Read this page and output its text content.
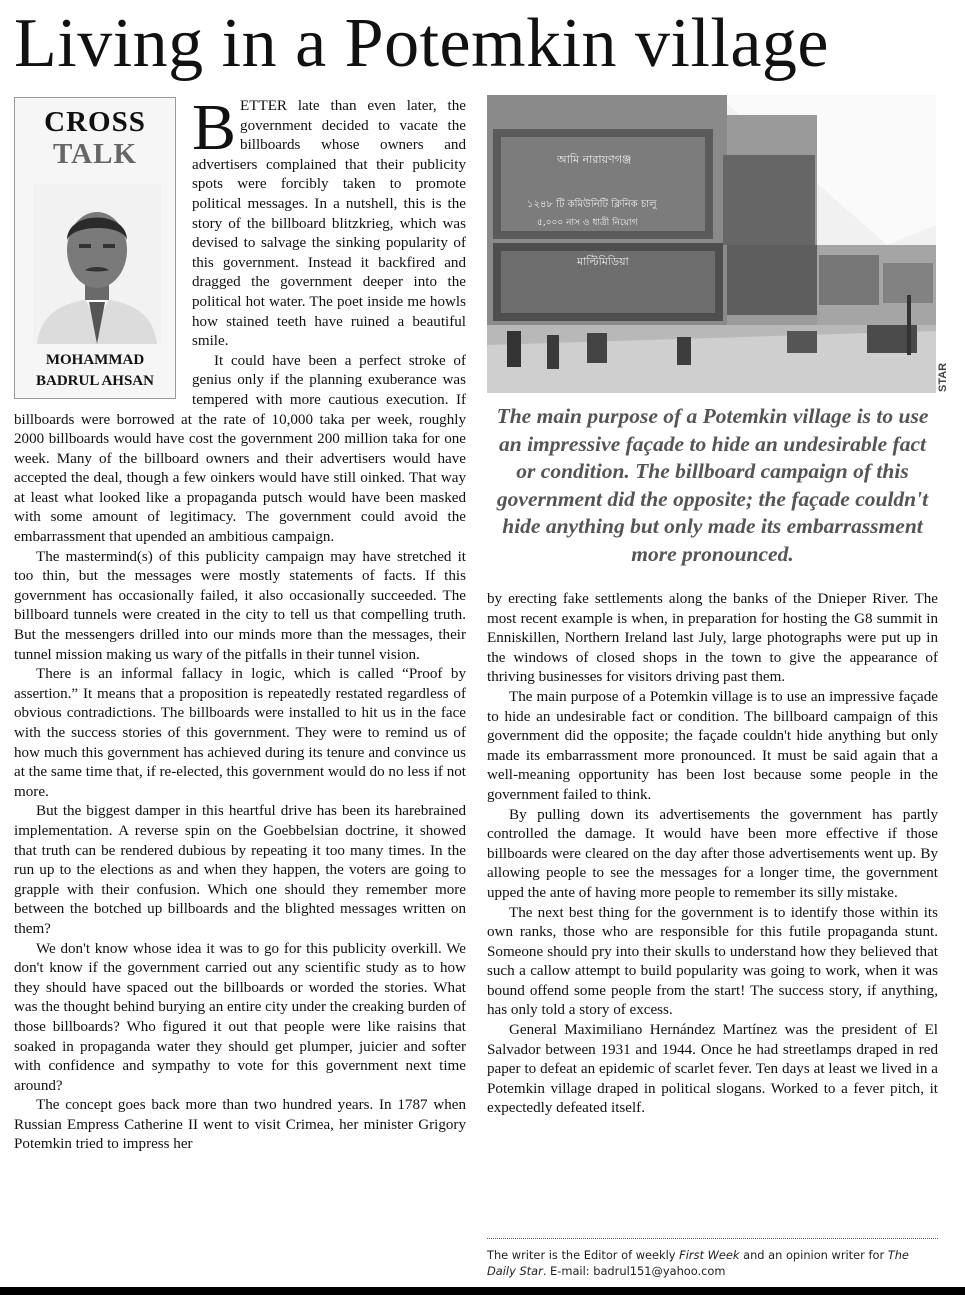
Living in a Potemkin village
CROSS
TALK
MOHAMMAD
BADRUL AHSAN

BETTER late than even later, the government decided to vacate the billboards whose owners and advertisers complained that their publicity spots were forcibly taken to promote political messages. In a nutshell, this is the story of the billboard blitzkrieg, which was devised to salvage the sinking popularity of this government. Instead it backfired and dragged the government deeper into the political hot water. The poet inside me howls how stained teeth have ruined a beautiful smile.

It could have been a perfect stroke of genius only if the planning exuberance was tempered with more cautious execution. If billboards were borrowed at the rate of 10,000 taka per week, roughly 2000 billboards would have cost the government 200 million taka for one week. Many of the billboard owners and their advertisers would have accepted the deal, though a few oinkers would have still oinked. That way at least what looked like a propaganda putsch would have been masked with some amount of legitimacy. The government could avoid the embarrassment that upended an ambitious campaign.

The mastermind(s) of this publicity campaign may have stretched it too thin, but the messages were mostly statements of facts. If this government has occasionally failed, it also occasionally succeeded. The billboard tunnels were created in the city to tell us that compelling truth. But the messengers drilled into our minds more than the messages, their tunnel mission making us wary of the pitfalls in their tunnel vision.

There is an informal fallacy in logic, which is called “Proof by assertion.” It means that a proposition is repeatedly restated regardless of obvious contradictions. The billboards were installed to hit us in the face with the success stories of this government. They were to remind us of how much this government has achieved during its tenure and convince us at the same time that, if re-elected, this government would do no less if not more.

But the biggest damper in this heartful drive has been its harebrained implementation. A reverse spin on the Goebbelsian doctrine, it showed that truth can be rendered dubious by repeating it too many times. In the run up to the elections as and when they happen, the voters are going to grapple with their confusion. Which one should they remember more between the botched up billboards and the blighted messages written on them?

We don't know whose idea it was to go for this publicity overkill. We don't know if the government carried out any scientific study as to how they should have spaced out the billboards or worded the stories. What was the thought behind burying an entire city under the creaking burden of those billboards? Who figured it out that people were like raisins that soaked in propaganda water they should get plumper, juicier and softer with confidence and sympathy to vote for this government next time around?

The concept goes back more than two hundred years. In 1787 when Russian Empress Catherine II went to visit Crimea, her minister Grigory Potemkin tried to impress her

আমি নারায়ণগঞ্জ
১২৪৮ টি কমিউনিটি ক্লিনিক চালু
৫,০০০ নাস ও ধাত্রী নিয়োগ
মাল্টিমিডিয়া
STAR

The main purpose of a Potemkin village is to use an impressive façade to hide an undesirable fact or condition. The billboard campaign of this government did the opposite; the façade couldn't hide anything but only made its embarrassment more pronounced.

by erecting fake settlements along the banks of the Dnieper River. The most recent example is when, in preparation for hosting the G8 summit in Enniskillen, Northern Ireland last July, large photographs were put up in the windows of closed shops in the town to give the appearance of thriving businesses for visitors driving past them.

The main purpose of a Potemkin village is to use an impressive façade to hide an undesirable fact or condition. The billboard campaign of this government did the opposite; the façade couldn't hide anything but only made its embarrassment more pronounced. It must be said again that a well-meaning opportunity has been lost because some people in the government failed to think.

By pulling down its advertisements the government has partly controlled the damage. It would have been more effective if those billboards were cleared on the day after those advertisements went up. By allowing people to see the messages for a longer time, the government upped the ante of having more people to remember its silly mistake.

The next best thing for the government is to identify those within its own ranks, those who are responsible for this futile propaganda stunt. Someone should pry into their skulls to understand how they believed that such a callow attempt to build popularity was going to work, when it was bound offend some people from the start! The success story, if anything, has only told a story of excess.

General Maximiliano Hernández Martínez was the president of El Salvador between 1931 and 1944. Once he had streetlamps draped in red paper to defeat an epidemic of scarlet fever. Ten days at least we lived in a Potemkin village draped in political slogans. Worked to a fever pitch, it expectedly defeated itself.

The writer is the Editor of weekly First Week and an opinion writer for The Daily Star. E-mail: badrul151@yahoo.com
